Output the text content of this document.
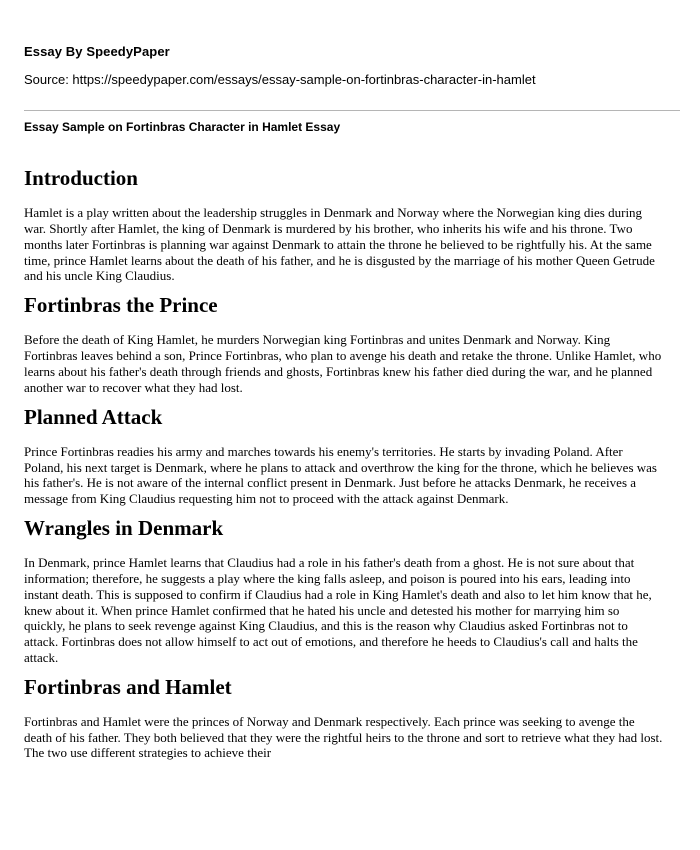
Essay By SpeedyPaper
Source: https://speedypaper.com/essays/essay-sample-on-fortinbras-character-in-hamlet
Essay Sample on Fortinbras Character in Hamlet Essay
Introduction

Hamlet is a play written about the leadership struggles in Denmark and Norway where the Norwegian king dies during war. Shortly after Hamlet, the king of Denmark is murdered by his brother, who inherits his wife and his throne. Two months later Fortinbras is planning war against Denmark to attain the throne he believed to be rightfully his. At the same time, prince Hamlet learns about the death of his father, and he is disgusted by the marriage of his mother Queen Getrude and his uncle King Claudius.

Fortinbras the Prince

Before the death of King Hamlet, he murders Norwegian king Fortinbras and unites Denmark and Norway. King Fortinbras leaves behind a son, Prince Fortinbras, who plan to avenge his death and retake the throne. Unlike Hamlet, who learns about his father's death through friends and ghosts, Fortinbras knew his father died during the war, and he planned another war to recover what they had lost.

Planned Attack

Prince Fortinbras readies his army and marches towards his enemy's territories. He starts by invading Poland. After Poland, his next target is Denmark, where he plans to attack and overthrow the king for the throne, which he believes was his father's. He is not aware of the internal conflict present in Denmark. Just before he attacks Denmark, he receives a message from King Claudius requesting him not to proceed with the attack against Denmark.

Wrangles in Denmark

In Denmark, prince Hamlet learns that Claudius had a role in his father's death from a ghost. He is not sure about that information; therefore, he suggests a play where the king falls asleep, and poison is poured into his ears, leading into instant death. This is supposed to confirm if Claudius had a role in King Hamlet's death and also to let him know that he, knew about it. When prince Hamlet confirmed that he hated his uncle and detested his mother for marrying him so quickly, he plans to seek revenge against King Claudius, and this is the reason why Claudius asked Fortinbras not to attack. Fortinbras does not allow himself to act out of emotions, and therefore he heeds to Claudius's call and halts the attack.

Fortinbras and Hamlet

Fortinbras and Hamlet were the princes of Norway and Denmark respectively. Each prince was seeking to avenge the death of his father. They both believed that they were the rightful heirs to the throne and sort to retrieve what they had lost. The two use different strategies to achieve their
